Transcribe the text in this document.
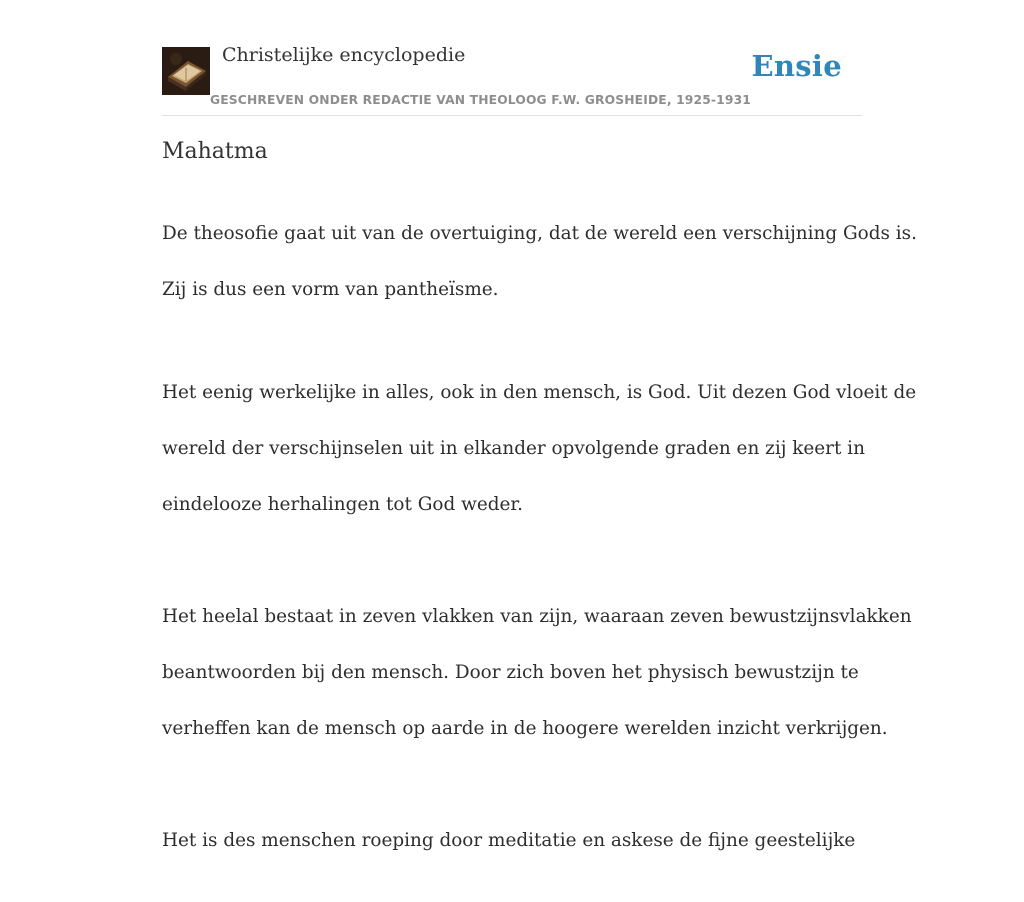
Christelijke encyclopedie
GESCHREVEN ONDER REDACTIE VAN THEOLOOG F.W. GROSHEIDE, 1925-1931
Ensie
Mahatma

De theosofie gaat uit van de overtuiging, dat de wereld een verschijning Gods is.

Zij is dus een vorm van pantheïsme.

Het eenig werkelijke in alles, ook in den mensch, is God. Uit dezen God vloeit de

wereld der verschijnselen uit in elkander opvolgende graden en zij keert in

eindelooze herhalingen tot God weder.

Het heelal bestaat in zeven vlakken van zijn, waaraan zeven bewustzijnsvlakken

beantwoorden bij den mensch. Door zich boven het physisch bewustzijn te

verheffen kan de mensch op aarde in de hoogere werelden inzicht verkrijgen.

Het is des menschen roeping door meditatie en askese de fijne geestelijke
